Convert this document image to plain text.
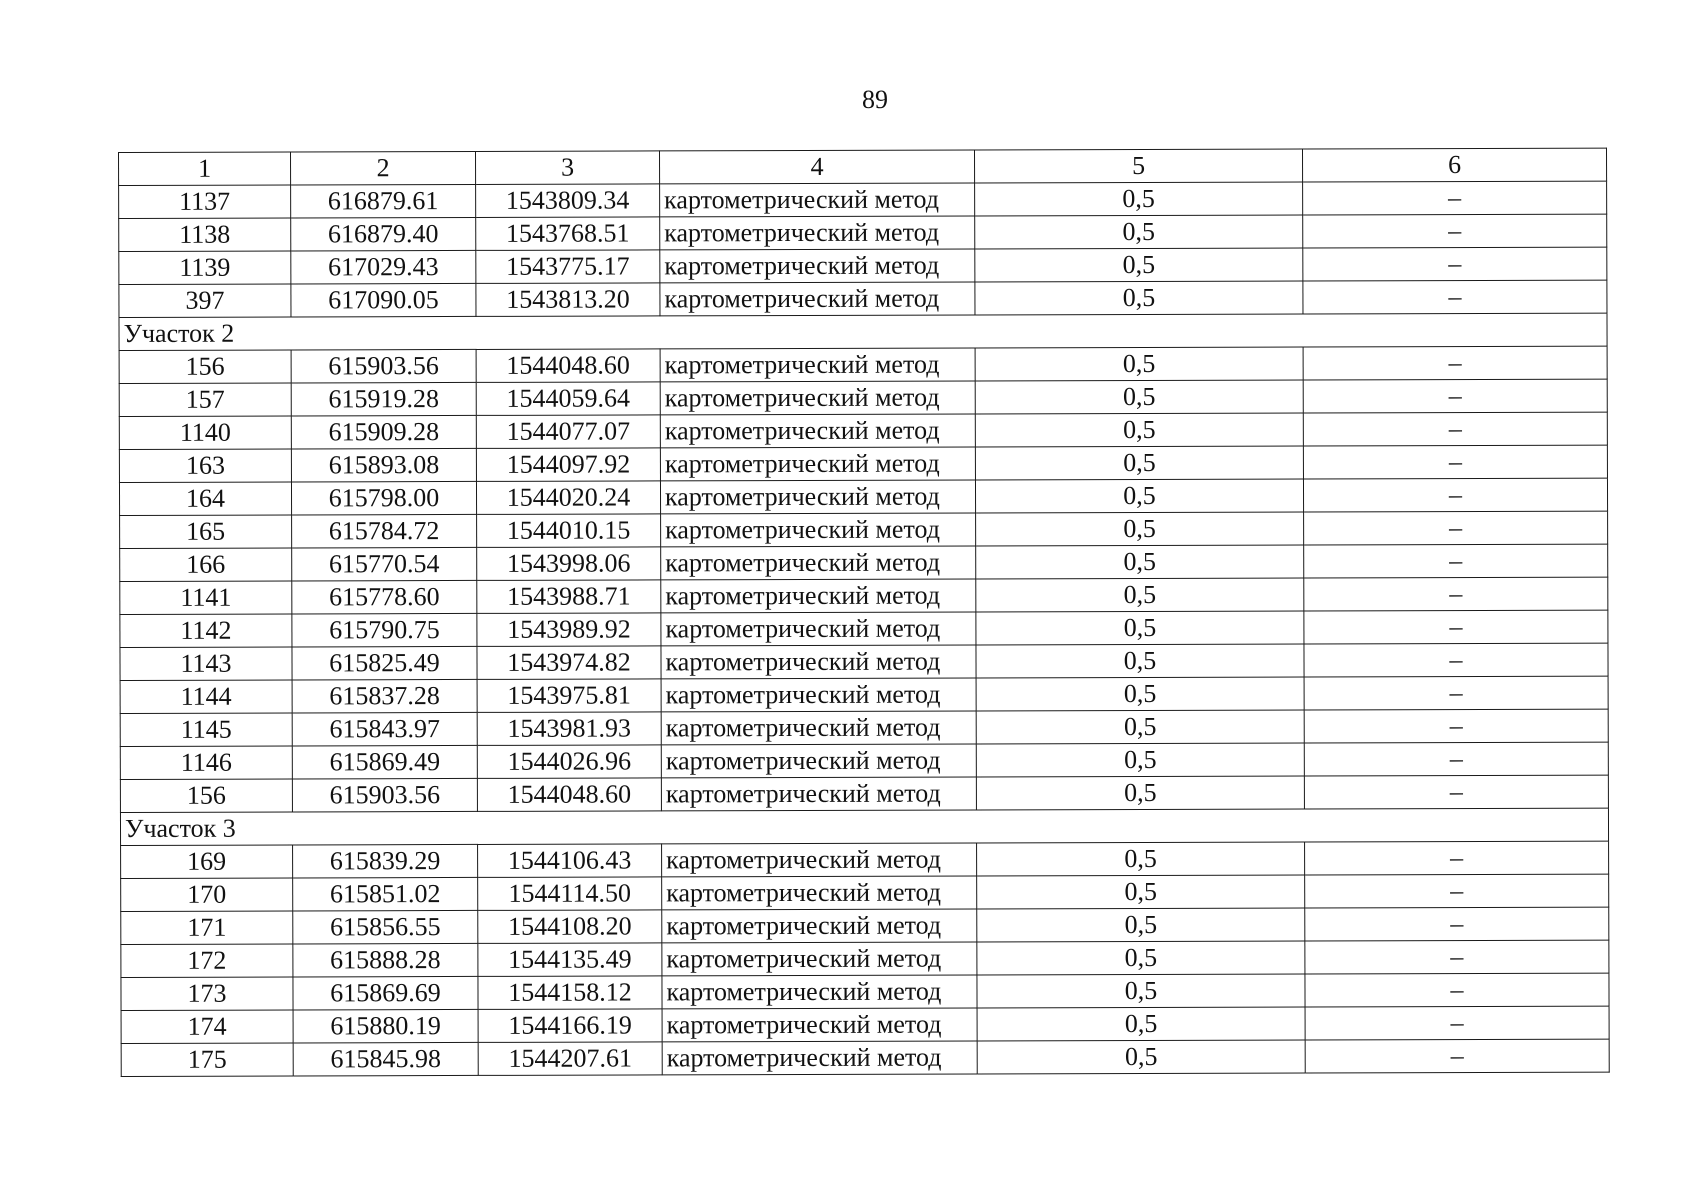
89
1	2	3	4	5	6
1137	616879.61	1543809.34	картометрический метод	0,5	–
1138	616879.40	1543768.51	картометрический метод	0,5	–
1139	617029.43	1543775.17	картометрический метод	0,5	–
397	617090.05	1543813.20	картометрический метод	0,5	–
Участок 2					
156	615903.56	1544048.60	картометрический метод	0,5	–
157	615919.28	1544059.64	картометрический метод	0,5	–
1140	615909.28	1544077.07	картометрический метод	0,5	–
163	615893.08	1544097.92	картометрический метод	0,5	–
164	615798.00	1544020.24	картометрический метод	0,5	–
165	615784.72	1544010.15	картометрический метод	0,5	–
166	615770.54	1543998.06	картометрический метод	0,5	–
1141	615778.60	1543988.71	картометрический метод	0,5	–
1142	615790.75	1543989.92	картометрический метод	0,5	–
1143	615825.49	1543974.82	картометрический метод	0,5	–
1144	615837.28	1543975.81	картометрический метод	0,5	–
1145	615843.97	1543981.93	картометрический метод	0,5	–
1146	615869.49	1544026.96	картометрический метод	0,5	–
156	615903.56	1544048.60	картометрический метод	0,5	–
Участок 3					
169	615839.29	1544106.43	картометрический метод	0,5	–
170	615851.02	1544114.50	картометрический метод	0,5	–
171	615856.55	1544108.20	картометрический метод	0,5	–
172	615888.28	1544135.49	картометрический метод	0,5	–
173	615869.69	1544158.12	картометрический метод	0,5	–
174	615880.19	1544166.19	картометрический метод	0,5	–
175	615845.98	1544207.61	картометрический метод	0,5	–
